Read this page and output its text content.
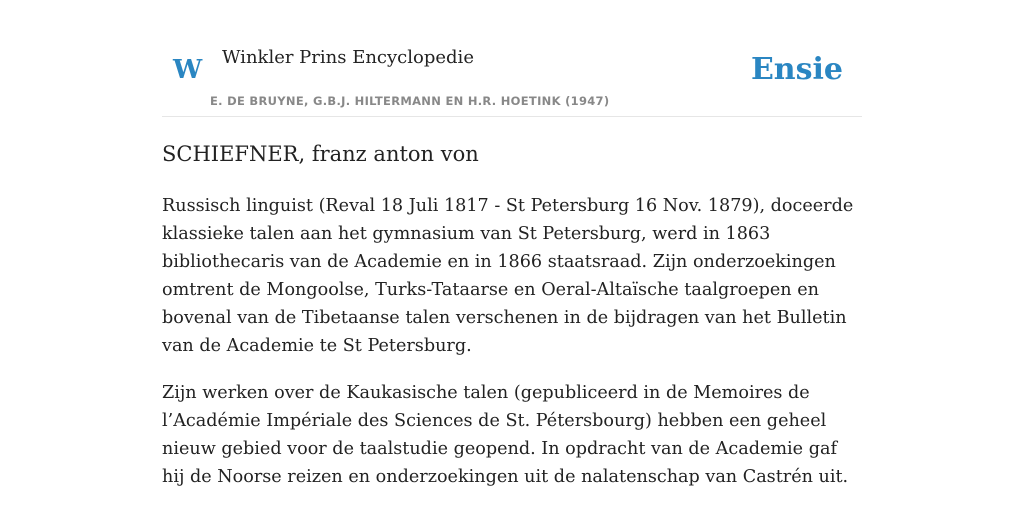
W Winkler Prins Encyclopedie
E. DE BRUYNE, G.B.J. HILTERMANN EN H.R. HOETINK (1947)
Ensie
SCHIEFNER, franz anton von

Russisch linguist (Reval 18 Juli 1817 - St Petersburg 16 Nov. 1879), doceerde klassieke talen aan het gymnasium van St Petersburg, werd in 1863 bibliothecaris van de Academie en in 1866 staatsraad. Zijn onderzoekingen omtrent de Mongoolse, Turks-Tataarse en Oeral-Altaïsche taalgroepen en bovenal van de Tibetaanse talen verschenen in de bijdragen van het Bulletin van de Academie te St Petersburg.

Zijn werken over de Kaukasische talen (gepubliceerd in de Memoires de l’Académie Impériale des Sciences de St. Pétersbourg) hebben een geheel nieuw gebied voor de taalstudie geopend. In opdracht van de Academie gaf hij de Noorse reizen en onderzoekingen uit de nalatenschap van Castrén uit.
